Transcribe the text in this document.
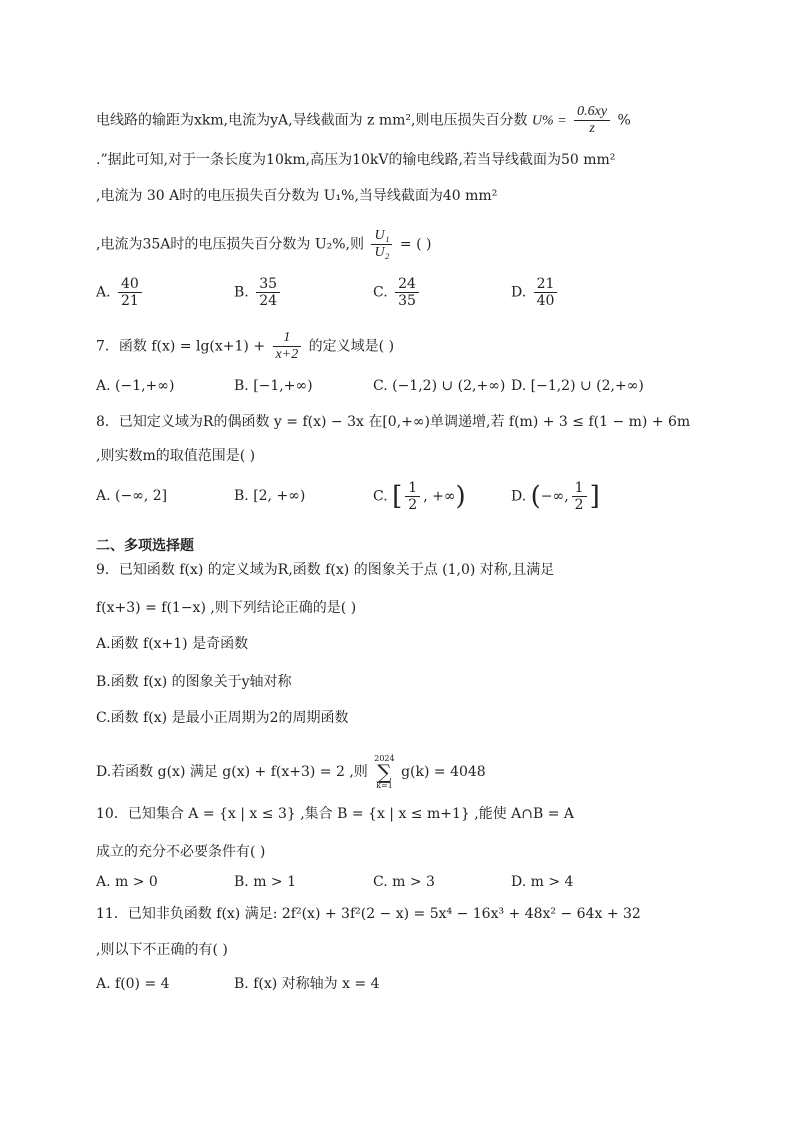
电线路的输距为xkm,电流为yA,导线截面为 z mm²,则电压损失百分数 $U\% = \frac{0.6xy}{z}$ %
.”据此可知,对于一条长度为10km,高压为10kV的输电线路,若当导线截面为50 mm²
,电流为 30 A时的电压损失百分数为 U₁%,当导线截面为40 mm²
,电流为35A时的电压损失百分数为 U₂%,则 $\frac{\text{U₁}}{\text{U₂}}$ = ( )
A. $\frac{40}{21}$	B. $\frac{35}{24}$	C. $\frac{24}{35}$	D. $\frac{21}{40}$
7．函数 $f(x) = \lg(x+1) + \frac{1}{x+2}$ 的定义域是( )
A. (−1,+∞)	B. [−1,+∞)	C. (−1,2) ∪ (2,+∞) D. [−1,2) ∪ (2,+∞)
8．已知定义域为R的偶函数 y = f(x) − 3x 在[0,+∞)单调递增,若 f(m) + 3 ≤ f(1 − m) + 6m
,则实数m的取值范围是( )
A. (−∞, 2]	B. [2, +∞)	C. [ $\frac{1}{2}$ , +∞)	D. (−∞, $\frac{1}{2}$ ]
二、多项选择题
9．已知函数 f(x) 的定义域为R,函数 f(x) 的图象关于点 (1,0) 对称,且满足
f(x+3) = f(1−x) ,则下列结论正确的是( )
A.函数 f(x+1) 是奇函数
B.函数 f(x) 的图象关于y轴对称
C.函数 f(x) 是最小正周期为2的周期函数
D.若函数 g(x) 满足 g(x) + f(x+3) = 2 ,则
2024
∑
k=1
g(k) = 4048
10．已知集合 A = {x | x ≤ 3} ,集合 B = {x | x ≤ m+1} ,能使 A∩B = A
成立的充分不必要条件有( )
A. m > 0	B. m > 1	C. m > 3	D. m > 4
11．已知非负函数 f(x) 满足: 2f²(x) + 3f²(2 − x) = 5x⁴ − 16x³ + 48x² − 64x + 32
,则以下不正确的有( )
A. f(0) = 4	B. f(x) 对称轴为 x = 4
